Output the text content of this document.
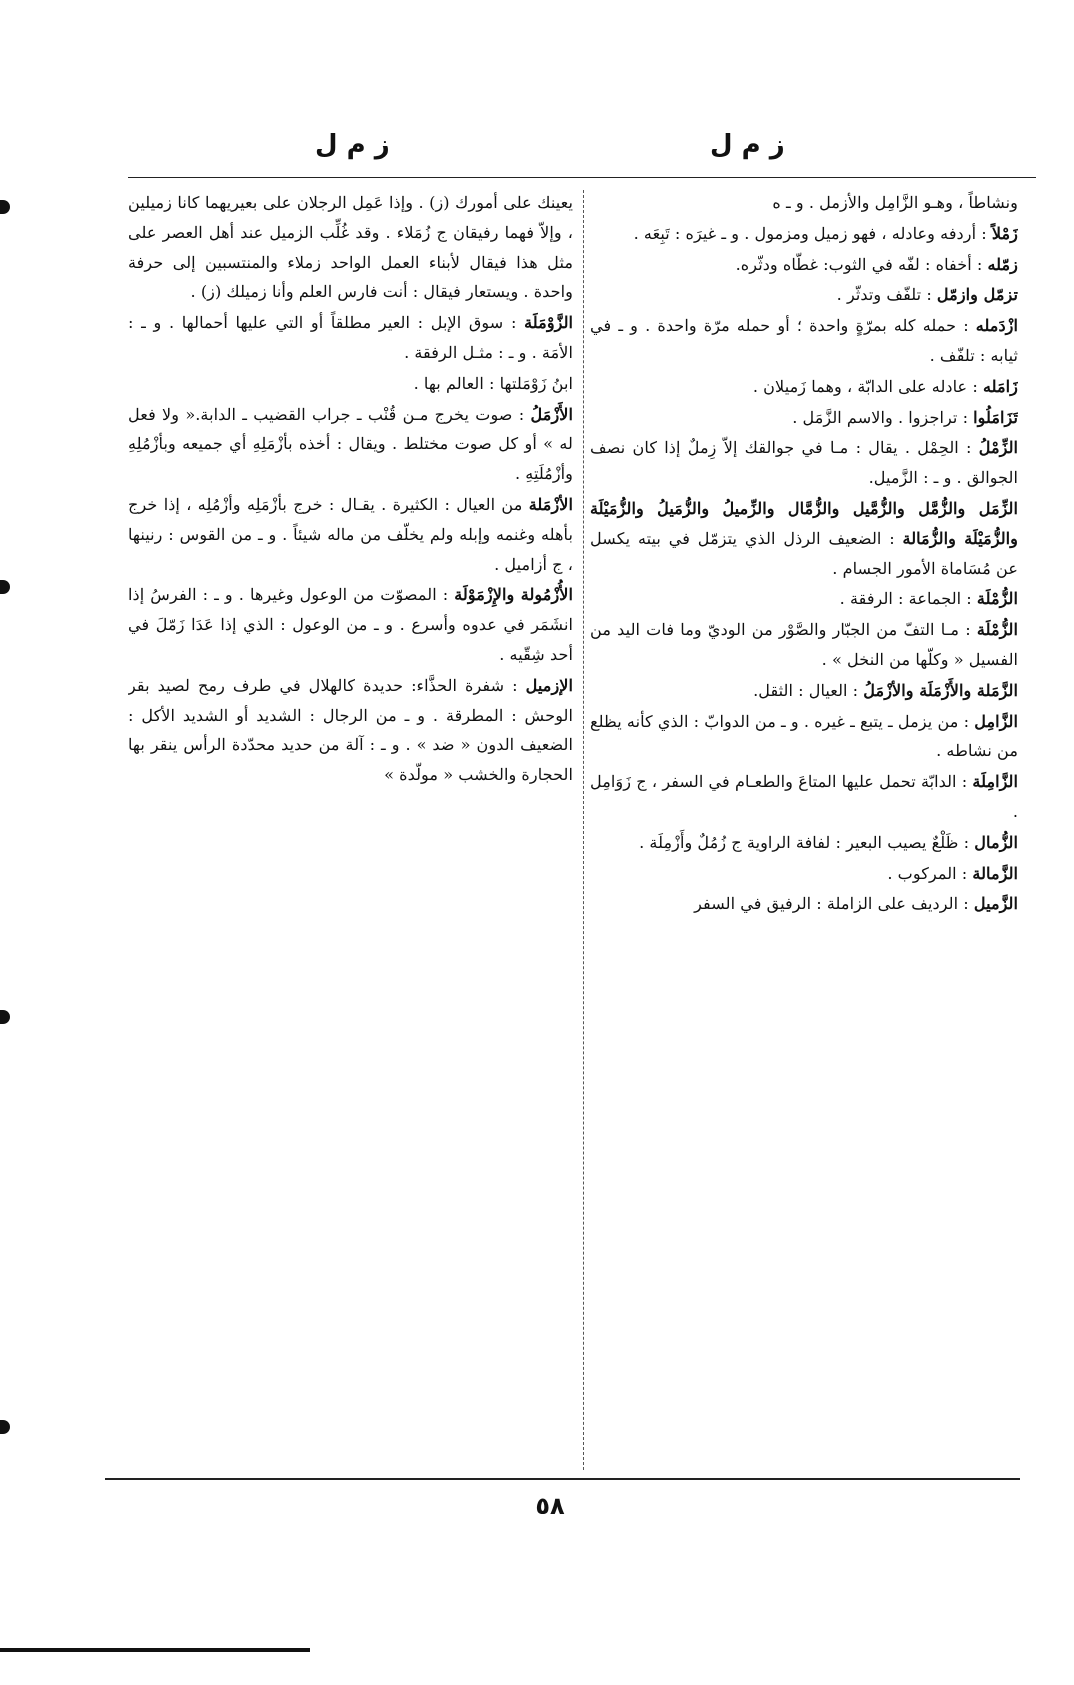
ز م ل
ز م ل

ونشاطاً ، وهـو الزَّامِل والأزمل . و ـ ه

زَمْلاً : أردفه وعادله ، فهو زميل ومزمول . و ـ غيرَه : تَبِعَه .

زمّله : أخفاه : لفّه في الثوب: غطّاه ودثّره.

تزمّل وازمّل : تلفّف وتدثّر .

ازْدَمله : حمله كله بمرّةٍ واحدة ؛ أو حمله مرّة واحدة . و ـ في ثيابه : تلفّف .

زَامَله : عادله على الدابّة ، وهما زَميلان .

تَزَامَلُوا : تراجزوا . والاسم الزَّمَل .

الزِّمْلُ : الحِمْل . يقال : مـا في جوالقك إلاّ زِملٌ إذا كان نصف الجوالق . و ـ : الزَّميل.

الزِّمَل والزُّمَّل والزُّمَّيل والزُّمَّال والزِّميلُ والزُّمَيلُ والزُّمَيْلَة والزُّمَيْلَة والزُّمَالة : الضعيف الرذل الذي يتزمّل في بيته يكسل عن مُسَاماة الأمور الجسام .

الزُّمْلَة : الجماعة : الرفقة .

الزُّمْلَة : مـا التفّ من الجبّار والصَّوْر من الوديّ وما فات اليد من الفسيل « وكلّها من النخل » .

الزَّمَلة والأَزْمَلَة والأزْمَلُ : العيال : الثقل.

الزَّامِل : من يزمل ـ يتبع ـ غيره . و ـ من الدوابّ : الذي كأنه يظلع من نشاطه .

الزَّامِلَة : الدابّة تحمل عليها المتاعَ والطعـام في السفر ، ج زَوَامِل .

الزُّمال : ظَلْعٌ يصيب البعير : لفافة الراوية ج زُمُلٌ وأَزْمِلَة .

الزَّمالة : المركوب .

الزَّميل : الرديف على الزاملة : الرفيق في السفر

يعينك على أمورك (ز) . وإذا عَمِل الرجلان على بعيريهما كانا زميلين ، وإلاّ فهما رفيقان ج زُمَلاء . وقد غُلِّب الزميل عند أهل العصر على مثل هذا فيقال لأبناء العمل الواحد زملاء والمنتسبين إلى حرفة واحدة . ويستعار فيقال : أنت فارس العلم وأنا زميلك (ز) .

الزَّوْمَلَة : سوق الإبل : العير مطلقاً أو التي عليها أحمالها . و ـ : الأمَة . و ـ : مثـل الرفقة .

ابنُ زَوْمَلتها : العالم بها .

الأَزْمَلُ : صوت يخرج مـن قُنْب ـ جراب القضيب ـ الدابة.« ولا فعل له » أو كل صوت مختلط . ويقال : أخذه بأزْمَلِهِ أي جميعه وبأزْمُلِهِ وأزْمُلَتِهِ .

الأزْمَلة من العيال : الكثيرة . يقـال : خرج بأزْمَلِه وأزْمُلِه ، إذا خرج بأهله وغنمه وإبله ولم يخلّف من ماله شيئاً . و ـ من القوس : رنينها ، ج أزاميل .

الأُزْمُولة والإِزْمَوْلَة : المصوّت من الوعول وغيرها . و ـ : الفرسُ إذا انشَمَر في عدوه وأسرع . و ـ من الوعول : الذي إذا عَدَا زَمّلَ في أحد شِقّيه .

الإزميل : شفرة الحذَّاء: حديدة كالهلال في طرف رمح لصيد بقر الوحش : المطرقة . و ـ من الرجال : الشديد أو الشديد الأكل : الضعيف الدون « ضد » . و ـ : آلة من حديد محدّدة الرأس ينقر بها الحجارة والخشب « مولّدة »

٥٨
